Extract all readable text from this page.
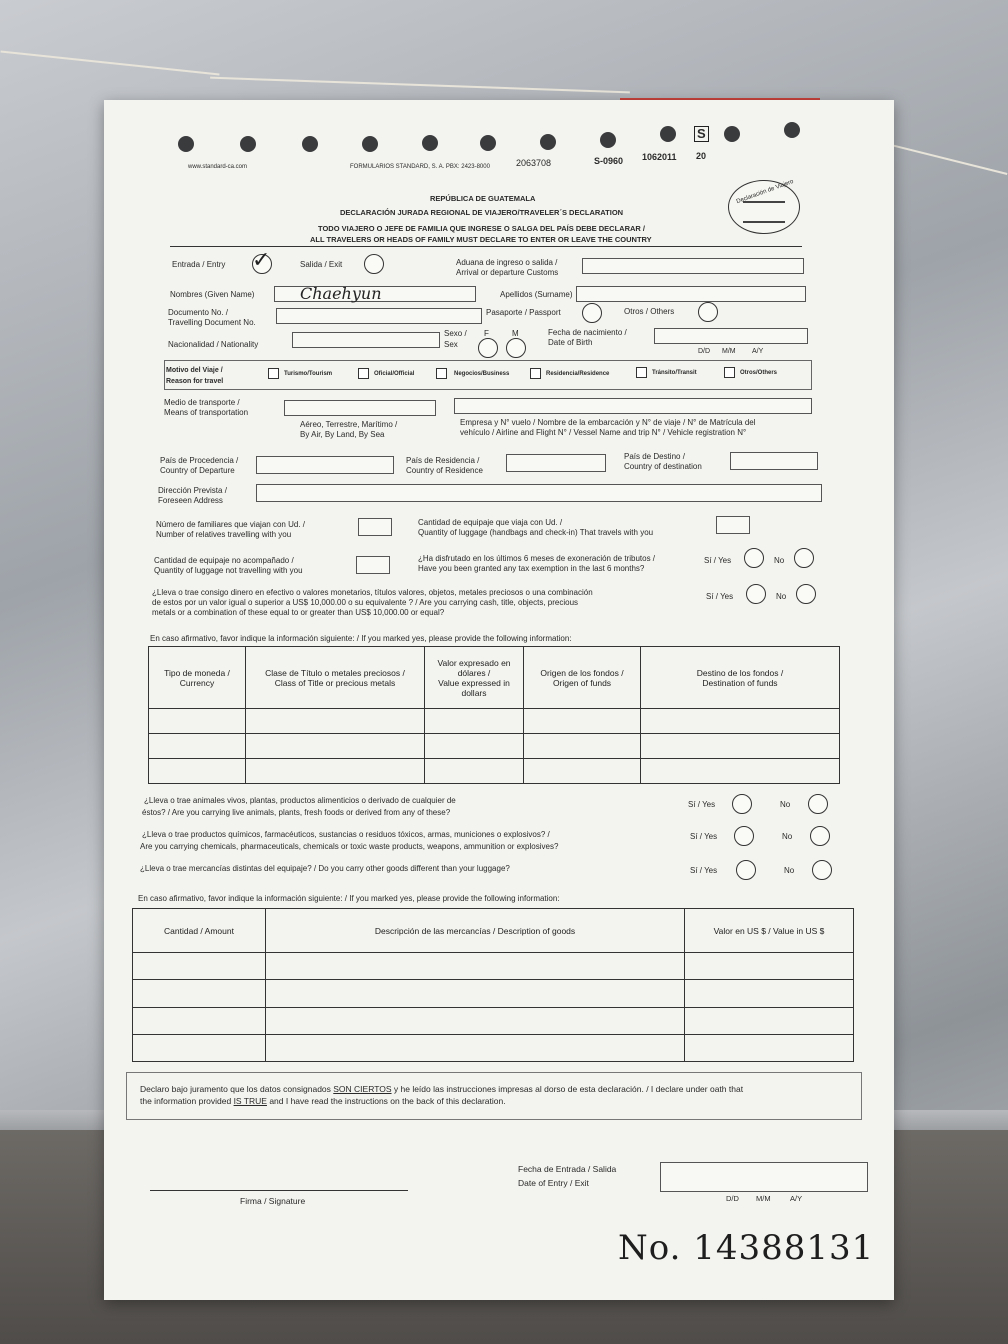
www.standard-ca.com	FORMULARIOS STANDARD, S. A. PBX: 2423-8000	2063708	S-0960 1062011 20
S
Declaración de Viajero
REPÚBLICA DE GUATEMALA
DECLARACIÓN JURADA REGIONAL DE VIAJERO/TRAVELER´S DECLARATION
TODO VIAJERO O JEFE DE FAMILIA QUE INGRESE O SALGA DEL PAÍS DEBE DECLARAR /
ALL TRAVELERS OR HEADS OF FAMILY MUST DECLARE TO ENTER OR LEAVE THE COUNTRY
Entrada / Entry ✓	Salida / Exit	Aduana de ingreso o salida /
Arrival or departure Customs
Nombres (Given Name)	Chaehyun	Apellidos (Surname)
Documento No. /
Travelling Document No.
Pasaporte / Passport	Otros / Others
Sexo /
Sex
F	M
Nacionalidad / Nationality
Fecha de nacimiento /
Date of Birth
D/D M/M A/Y
Motivo del Viaje /
Reason for travel
Turismo/Tourism	Oficial/Official	Negocios/Business	Residencia/Residence	Tránsito/Transit	Otros/Others
Medio de transporte /
Means of transportation
Aéreo, Terrestre, Marítimo /
By Air, By Land, By Sea
Empresa y N° vuelo / Nombre de la embarcación y N° de viaje / N° de Matrícula del
vehículo / Airline and Flight N° / Vessel Name and trip N° / Vehicle registration N°
País de Procedencia /
Country of Departure
País de Residencia /
Country of Residence
País de Destino /
Country of destination
Dirección Prevista /
Foreseen Address
Número de familiares que viajan con Ud. /
Number of relatives travelling with you
Cantidad de equipaje que viaja con Ud. /
Quantity of luggage (handbags and check-in) That travels with you
Cantidad de equipaje no acompañado /
Quantity of luggage not travelling with you
¿Ha disfrutado en los últimos 6 meses de exoneración de tributos /
Have you been granted any tax exemption in the last 6 months?
Sí / Yes	No
¿Lleva o trae consigo dinero en efectivo o valores monetarios, títulos valores, objetos, metales preciosos o una combinación
de estos por un valor igual o superior a US$ 10,000.00 o su equivalente ? / Are you carrying cash, title, objects, precious
metals or a combination of these equal to or greater than US$ 10,000.00 or equal?
Sí / Yes	No
En caso afirmativo, favor indique la información siguiente: / If you marked yes, please provide the following information:
Tipo de moneda /
Currency	Clase de Título o metales preciosos /
Class of Title or precious metals	Valor expresado en
dólares /
Value expressed in
dollars	Origen de los fondos /
Origen of funds	Destino de los fondos /
Destination of funds

¿Lleva o trae animales vivos, plantas, productos alimenticios o derivado de cualquier de
éstos? / Are you carrying live animals, plants, fresh foods or derived from any of these?
Sí / Yes	No
¿Lleva o trae productos químicos, farmacéuticos, sustancias o residuos tóxicos, armas, municiones o explosivos? /
Are you carrying chemicals, pharmaceuticals, chemicals or toxic waste products, weapons, ammunition or explosives?
Sí / Yes	No
¿Lleva o trae mercancías distintas del equipaje? / Do you carry other goods different than your luggage?	Sí / Yes	No
En caso afirmativo, favor indique la información siguiente: / If you marked yes, please provide the following information:
Cantidad / Amount	Descripción de las mercancías / Description of goods	Valor en US $ / Value in US $

Declaro bajo juramento que los datos consignados SON CIERTOS y he leído las instrucciones impresas al dorso de esta declaración. / I declare under oath that
the information provided IS TRUE and I have read the instructions on the back of this declaration.
Firma / Signature
Fecha de Entrada / Salida
Date of Entry / Exit
D/D M/M	A/Y
No. 14388131
